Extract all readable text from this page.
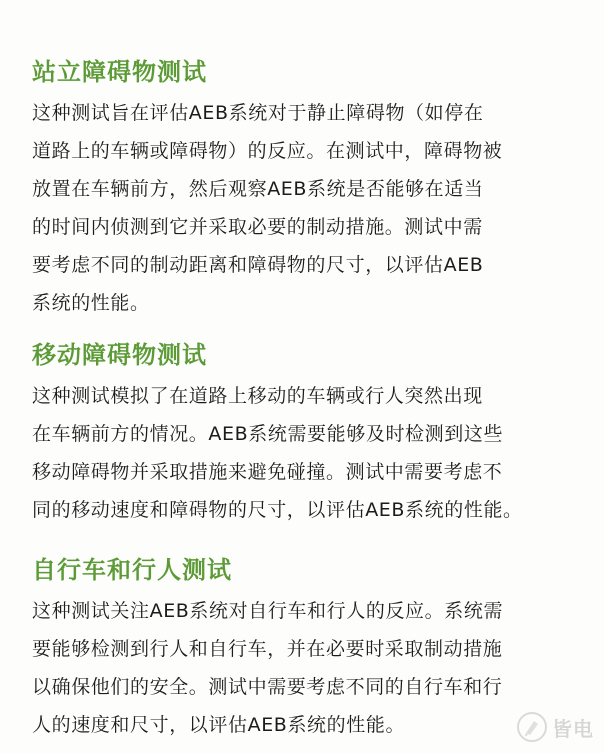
站立障碍物测试

这种测试旨在评估AEB系统对于静止障碍物（如停在
道路上的车辆或障碍物）的反应。在测试中，障碍物被
放置在车辆前方，然后观察AEB系统是否能够在适当
的时间内侦测到它并采取必要的制动措施。测试中需
要考虑不同的制动距离和障碍物的尺寸，以评估AEB
系统的性能。

移动障碍物测试

这种测试模拟了在道路上移动的车辆或行人突然出现
在车辆前方的情况。AEB系统需要能够及时检测到这些
移动障碍物并采取措施来避免碰撞。测试中需要考虑不
同的移动速度和障碍物的尺寸，以评估AEB系统的性能。

自行车和行人测试

这种测试关注AEB系统对自行车和行人的反应。系统需
要能够检测到行人和自行车，并在必要时采取制动措施
以确保他们的安全。测试中需要考虑不同的自行车和行
人的速度和尺寸，以评估AEB系统的性能。	皆电
